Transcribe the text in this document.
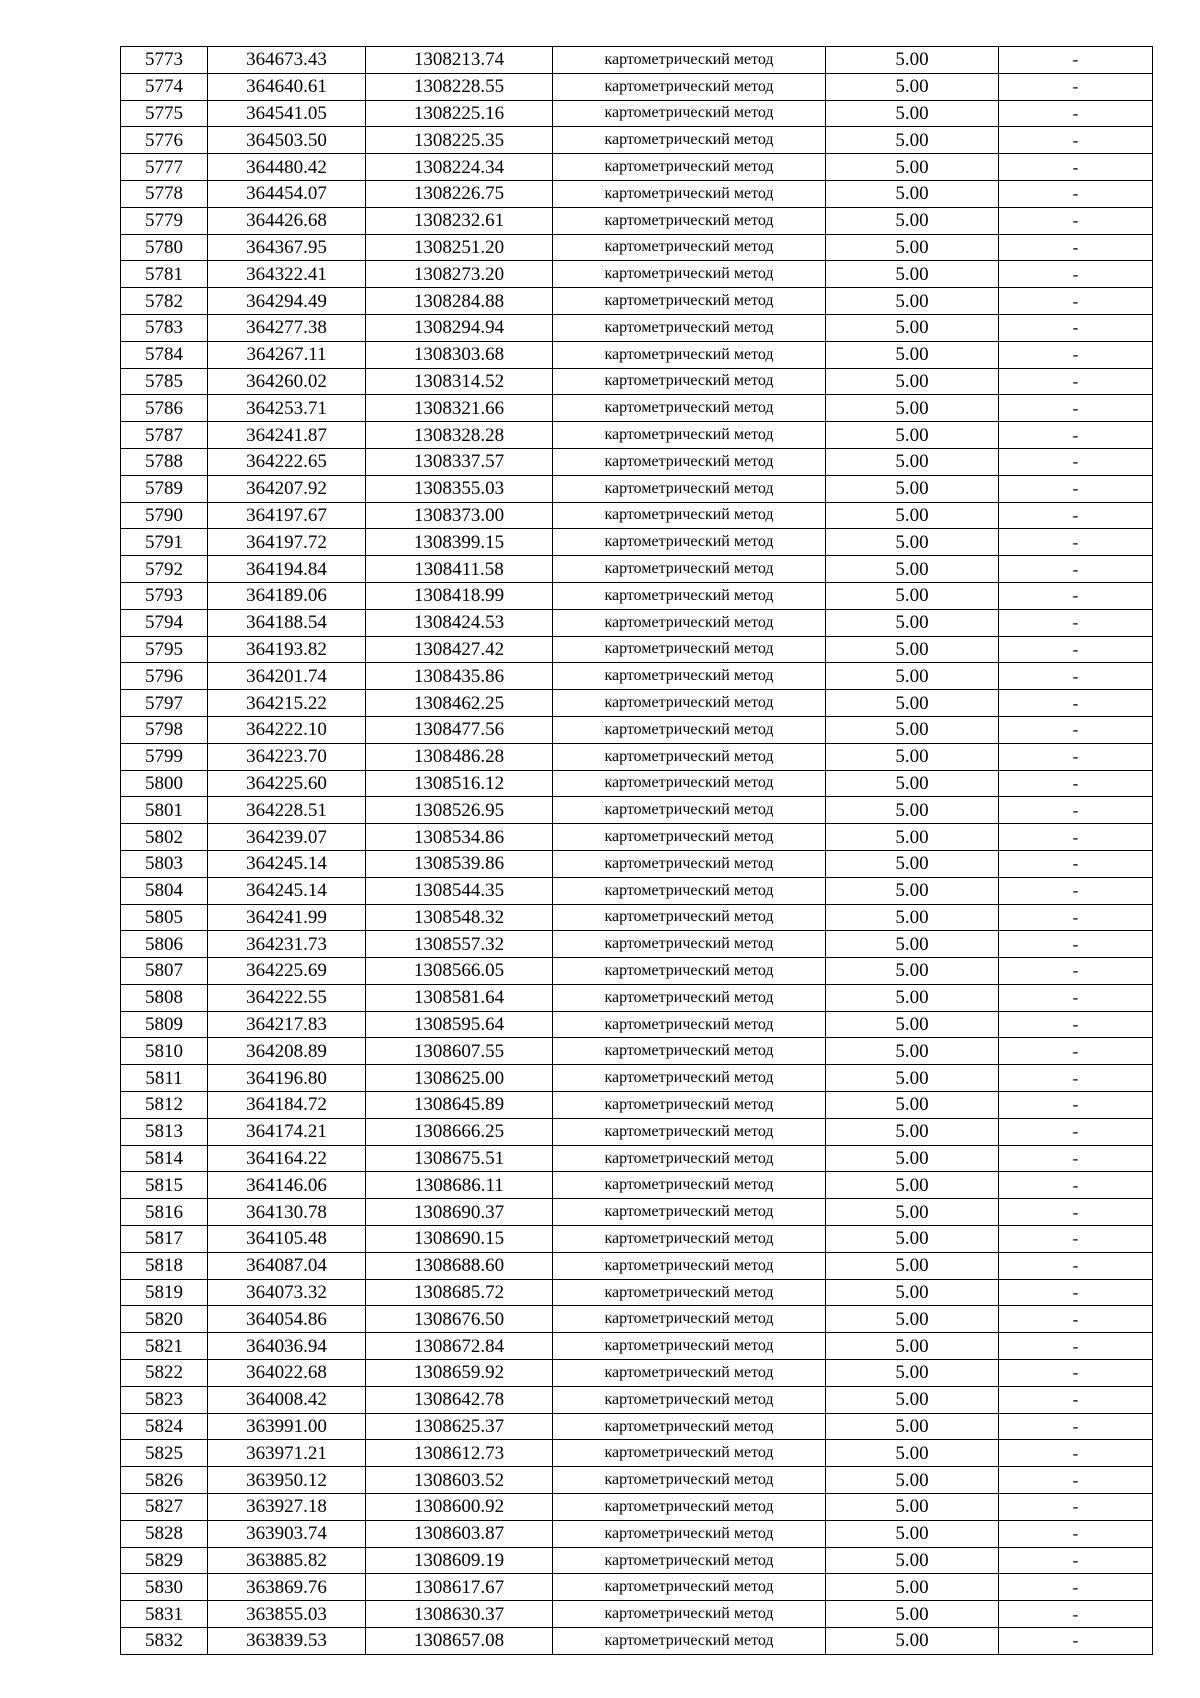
5773	364673.43	1308213.74	картометрический метод	5.00	-
5774	364640.61	1308228.55	картометрический метод	5.00	-
5775	364541.05	1308225.16	картометрический метод	5.00	-
5776	364503.50	1308225.35	картометрический метод	5.00	-
5777	364480.42	1308224.34	картометрический метод	5.00	-
5778	364454.07	1308226.75	картометрический метод	5.00	-
5779	364426.68	1308232.61	картометрический метод	5.00	-
5780	364367.95	1308251.20	картометрический метод	5.00	-
5781	364322.41	1308273.20	картометрический метод	5.00	-
5782	364294.49	1308284.88	картометрический метод	5.00	-
5783	364277.38	1308294.94	картометрический метод	5.00	-
5784	364267.11	1308303.68	картометрический метод	5.00	-
5785	364260.02	1308314.52	картометрический метод	5.00	-
5786	364253.71	1308321.66	картометрический метод	5.00	-
5787	364241.87	1308328.28	картометрический метод	5.00	-
5788	364222.65	1308337.57	картометрический метод	5.00	-
5789	364207.92	1308355.03	картометрический метод	5.00	-
5790	364197.67	1308373.00	картометрический метод	5.00	-
5791	364197.72	1308399.15	картометрический метод	5.00	-
5792	364194.84	1308411.58	картометрический метод	5.00	-
5793	364189.06	1308418.99	картометрический метод	5.00	-
5794	364188.54	1308424.53	картометрический метод	5.00	-
5795	364193.82	1308427.42	картометрический метод	5.00	-
5796	364201.74	1308435.86	картометрический метод	5.00	-
5797	364215.22	1308462.25	картометрический метод	5.00	-
5798	364222.10	1308477.56	картометрический метод	5.00	-
5799	364223.70	1308486.28	картометрический метод	5.00	-
5800	364225.60	1308516.12	картометрический метод	5.00	-
5801	364228.51	1308526.95	картометрический метод	5.00	-
5802	364239.07	1308534.86	картометрический метод	5.00	-
5803	364245.14	1308539.86	картометрический метод	5.00	-
5804	364245.14	1308544.35	картометрический метод	5.00	-
5805	364241.99	1308548.32	картометрический метод	5.00	-
5806	364231.73	1308557.32	картометрический метод	5.00	-
5807	364225.69	1308566.05	картометрический метод	5.00	-
5808	364222.55	1308581.64	картометрический метод	5.00	-
5809	364217.83	1308595.64	картометрический метод	5.00	-
5810	364208.89	1308607.55	картометрический метод	5.00	-
5811	364196.80	1308625.00	картометрический метод	5.00	-
5812	364184.72	1308645.89	картометрический метод	5.00	-
5813	364174.21	1308666.25	картометрический метод	5.00	-
5814	364164.22	1308675.51	картометрический метод	5.00	-
5815	364146.06	1308686.11	картометрический метод	5.00	-
5816	364130.78	1308690.37	картометрический метод	5.00	-
5817	364105.48	1308690.15	картометрический метод	5.00	-
5818	364087.04	1308688.60	картометрический метод	5.00	-
5819	364073.32	1308685.72	картометрический метод	5.00	-
5820	364054.86	1308676.50	картометрический метод	5.00	-
5821	364036.94	1308672.84	картометрический метод	5.00	-
5822	364022.68	1308659.92	картометрический метод	5.00	-
5823	364008.42	1308642.78	картометрический метод	5.00	-
5824	363991.00	1308625.37	картометрический метод	5.00	-
5825	363971.21	1308612.73	картометрический метод	5.00	-
5826	363950.12	1308603.52	картометрический метод	5.00	-
5827	363927.18	1308600.92	картометрический метод	5.00	-
5828	363903.74	1308603.87	картометрический метод	5.00	-
5829	363885.82	1308609.19	картометрический метод	5.00	-
5830	363869.76	1308617.67	картометрический метод	5.00	-
5831	363855.03	1308630.37	картометрический метод	5.00	-
5832	363839.53	1308657.08	картометрический метод	5.00	-
